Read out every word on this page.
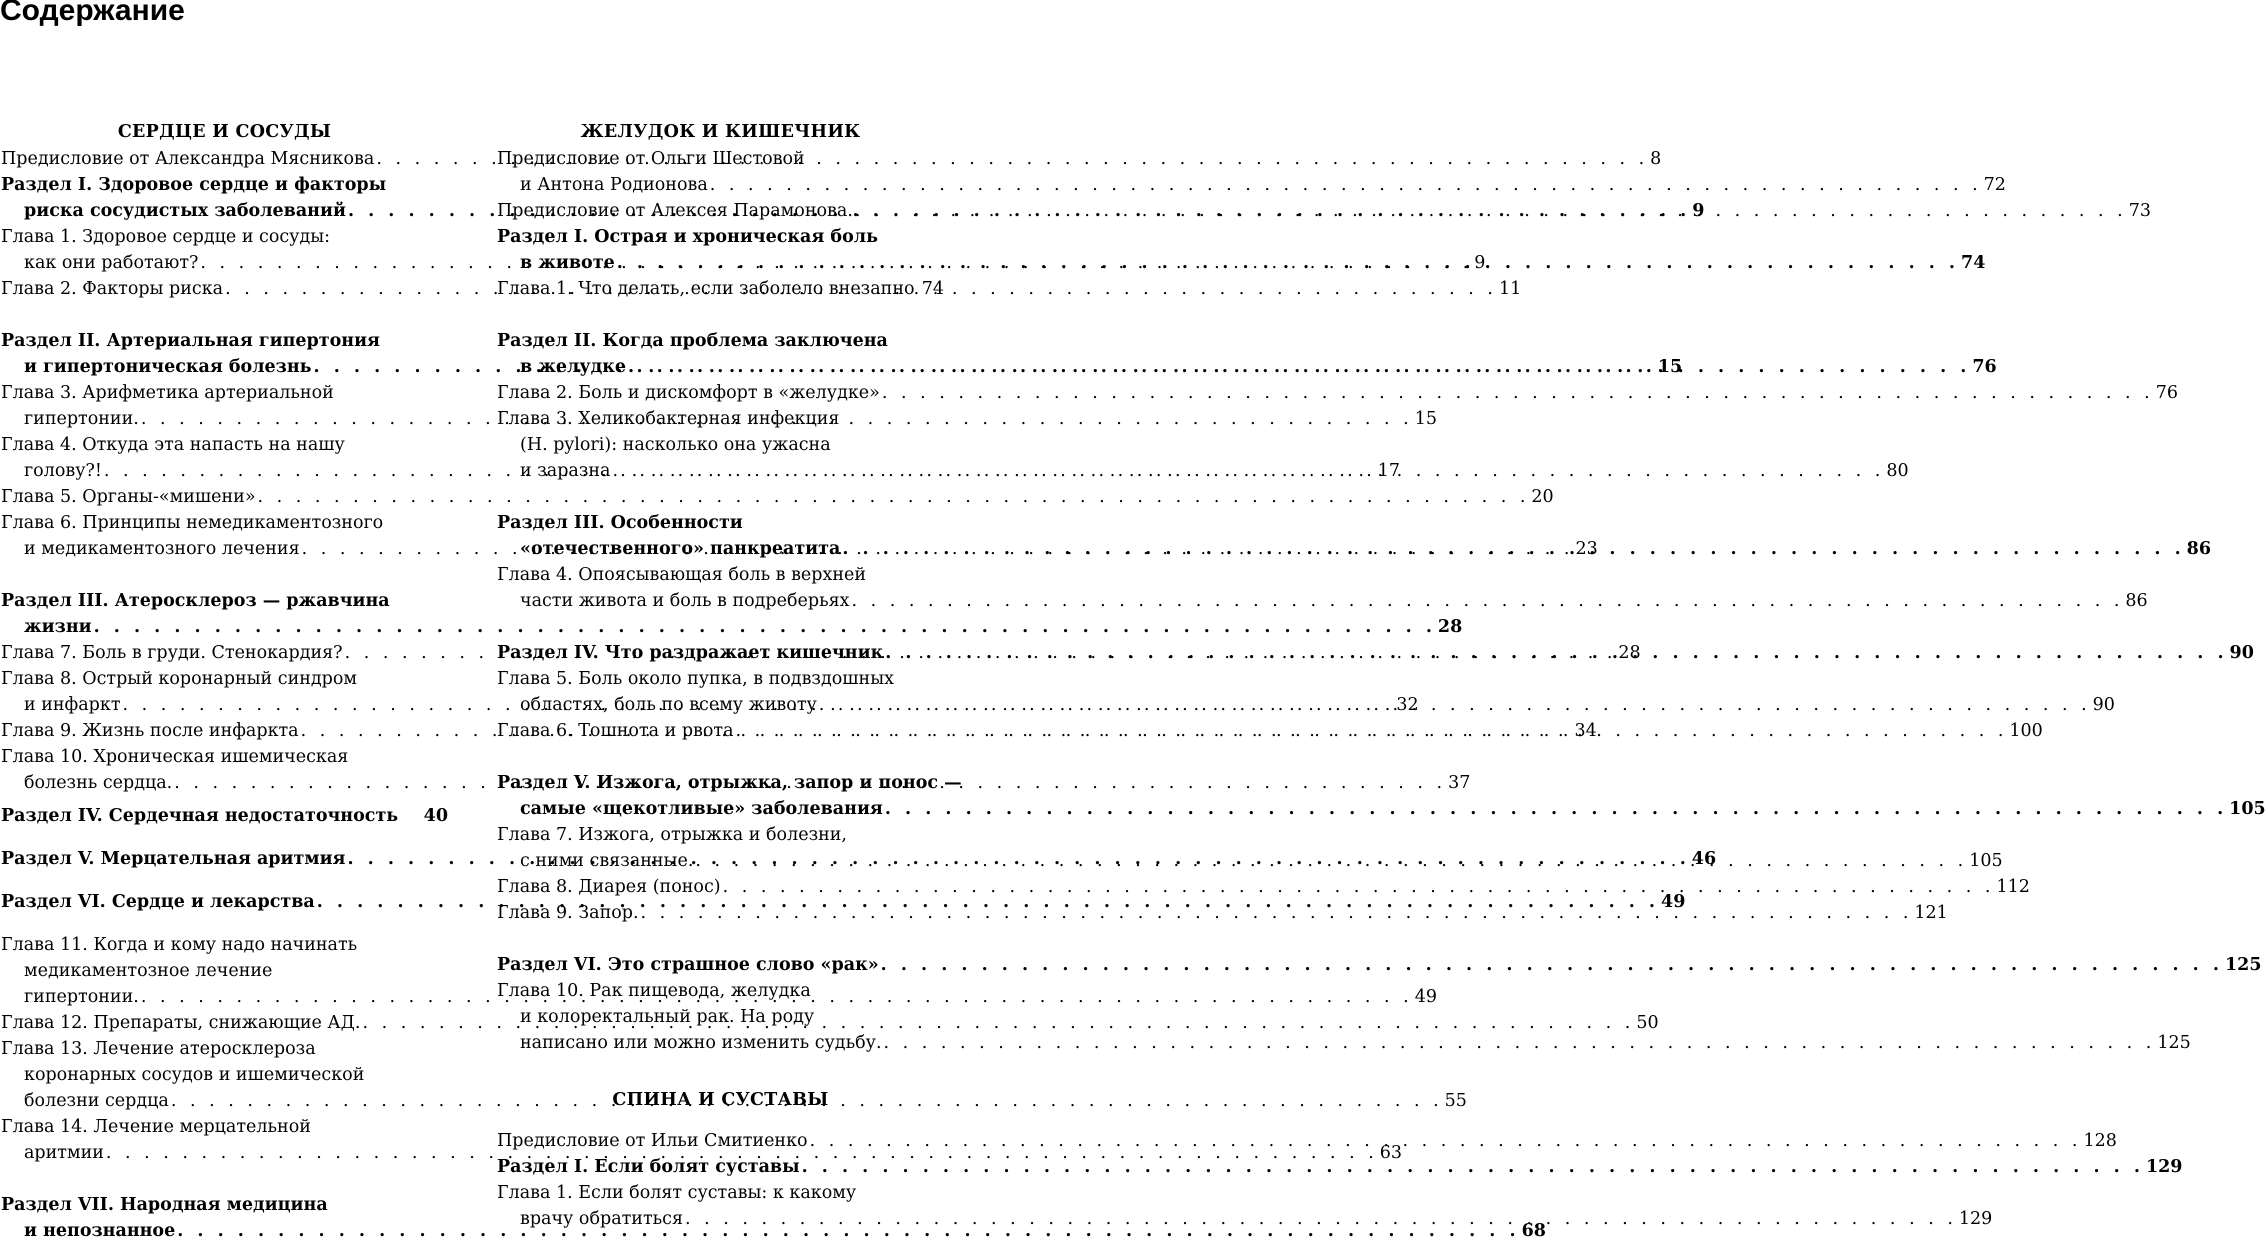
Содержание
СЕРДЦЕ И СОСУДЫ
Предисловие от Александра Мясникова . . .	8
Раздел I. Здоровое сердце и факторы
риска сосудистых заболеваний . . .	9
Глава 1. Здоровое сердце и сосуды:
как они работают? . . .	9
Глава 2. Факторы риска . . .	11
Раздел II. Артериальная гипертония
и гипертоническая болезнь . . .	15
Глава 3. Арифметика артериальной
гипертонии. . . .	15
Глава 4. Откуда эта напасть на нашу
голову?! . . .	17
Глава 5. Органы-«мишени» . . .	20
Глава 6. Принципы немедикаментозного
и медикаментозного лечения . . .	23
Раздел III. Атеросклероз — ржавчина
жизни . . .	28
Глава 7. Боль в груди. Стенокардия? . . .	28
Глава 8. Острый коронарный синдром
и инфаркт . . .	32
Глава 9. Жизнь после инфаркта . . .	34
Глава 10. Хроническая ишемическая
болезнь сердца. . . .	37
Раздел IV. Сердечная недостаточность 40
Раздел V. Мерцательная аритмия . . .	46
Раздел VI. Сердце и лекарства . . .	49
Глава 11. Когда и кому надо начинать
медикаментозное лечение
гипертонии. . . .	49
Глава 12. Препараты, снижающие АД. . . .	50
Глава 13. Лечение атеросклероза
коронарных сосудов и ишемической
болезни сердца . . .	55
Глава 14. Лечение мерцательной
аритмии . . .	63
Раздел VII. Народная медицина
и непознанное . . .	68
ЖЕЛУДОК И КИШЕЧНИК
Предисловие от Ольги Шестовой
и Антона Родионова . . .	72
Предисловие от Алексея Парамонова. . . .	73
Раздел I. Острая и хроническая боль
в животе . . .	74
Глава 1. Что делать, если заболело внезапно 74
Раздел II. Когда проблема заключена
в желудке . . .	76
Глава 2. Боль и дискомфорт в «желудке» . . .	76
Глава 3. Хеликобактерная инфекция
(H. pylori): насколько она ужасна
и заразна . . .	80
Раздел III. Особенности
«отечественного» панкреатита . . .	86
Глава 4. Опоясывающая боль в верхней
части живота и боль в подреберьях . . .	86
Раздел IV. Что раздражает кишечник . . .	90
Глава 5. Боль около пупка, в подвздошных
областях, боль по всему животу . . .	90
Глава 6. Тошнота и рвота . . .	100
Раздел V. Изжога, отрыжка, запор и понос —
самые «щекотливые» заболевания . . .	105
Глава 7. Изжога, отрыжка и болезни,
с ними связанные. . . .	105
Глава 8. Диарея (понос) . . .	112
Глава 9. Запор. . . .	121
Раздел VI. Это страшное слово «рак» . . .	125
Глава 10. Рак пищевода, желудка
и колоректальный рак. На роду
написано или можно изменить судьбу. . . .	125
СПИНА И СУСТАВЫ
Предисловие от Ильи Смитиенко . . .	128
Раздел I. Если болят суставы . . .	129
Глава 1. Если болят суставы: к какому
врачу обратиться . . .	129
